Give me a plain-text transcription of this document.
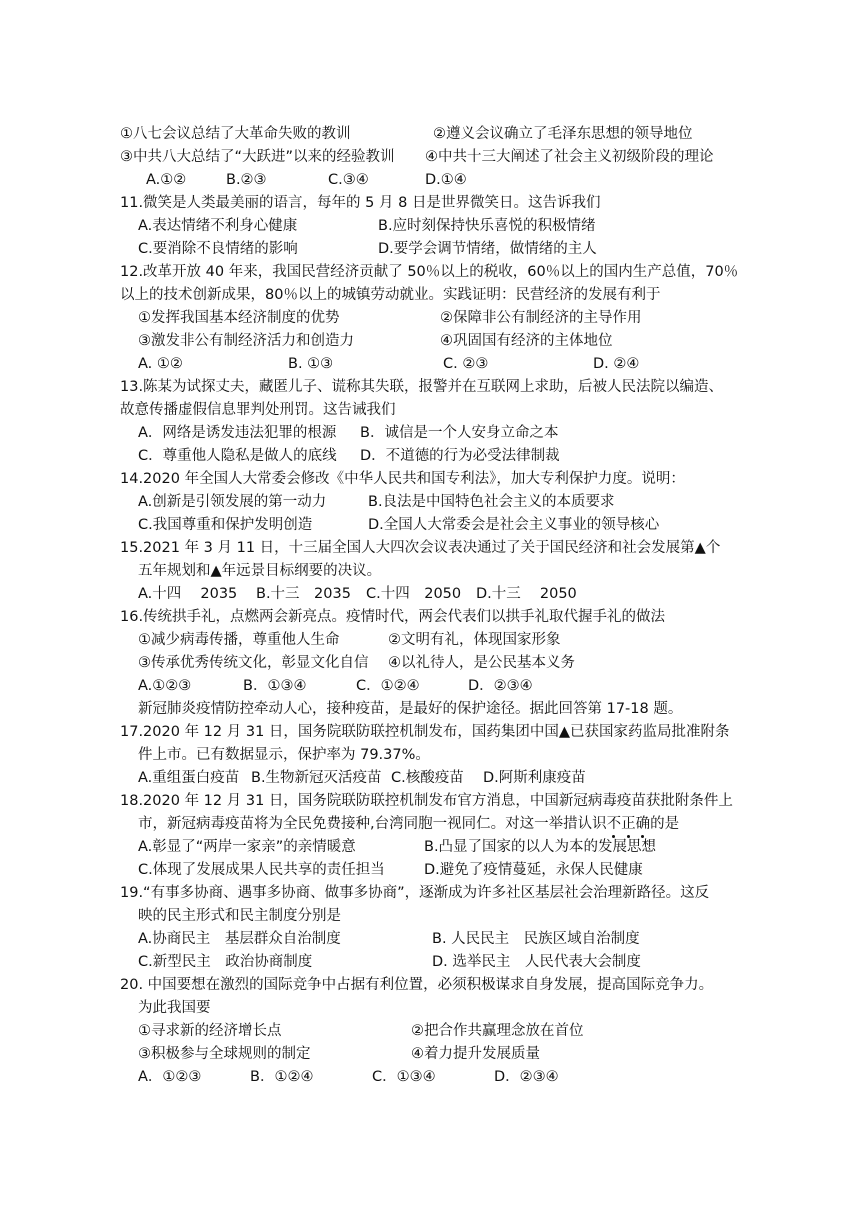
①八七会议总结了大革命失败的教训	②遵义会议确立了毛泽东思想的领导地位
③中共八大总结了“大跃进”以来的经验教训 ④中共十三大阐述了社会主义初级阶段的理论
A.①②	B.②③	C.③④	D.①④
11.微笑是人类最美丽的语言，每年的 5 月 8 日是世界微笑日。这告诉我们
A.表达情绪不利身心健康	B.应时刻保持快乐喜悦的积极情绪
C.要消除不良情绪的影响	D.要学会调节情绪，做情绪的主人
12.改革开放 40 年来，我国民营经济贡献了 50％以上的税收，60％以上的国内生产总值，70％
以上的技术创新成果，80％以上的城镇劳动就业。实践证明：民营经济的发展有利于
①发挥我国基本经济制度的优势	②保障非公有制经济的主导作用
③激发非公有制经济活力和创造力	④巩固国有经济的主体地位
A. ①②	B. ①③	C. ②③	D. ②④
13.陈某为试探丈夫，藏匿儿子、谎称其失联，报警并在互联网上求助，后被人民法院以编造、
故意传播虚假信息罪判处刑罚。这告诫我们
A．网络是诱发违法犯罪的根源 B．诚信是一个人安身立命之本
C．尊重他人隐私是做人的底线 D．不道德的行为必受法律制裁
14.2020 年全国人大常委会修改《中华人民共和国专利法》，加大专利保护力度。说明：
A.创新是引领发展的第一动力	B.良法是中国特色社会主义的本质要求
C.我国尊重和保护发明创造	D.全国人大常委会是社会主义事业的领导核心
15.2021 年 3 月 11 日，十三届全国人大四次会议表决通过了关于国民经济和社会发展第▲个
五年规划和▲年远景目标纲要的决议。
A.十四　 2035 B.十三　2035 C.十四　2050 D.十三　 2050
16.传统拱手礼，点燃两会新亮点。疫情时代，两会代表们以拱手礼取代握手礼的做法
①减少病毒传播，尊重他人生命	②文明有礼，体现国家形象
③传承优秀传统文化，彰显文化自信 ④以礼待人，是公民基本义务
A.①②③	B．①③④	C．①②④	D．②③④
新冠肺炎疫情防控牵动人心，接种疫苗，是最好的保护途径。据此回答第 17-18 题。
17.2020 年 12 月 31 日，国务院联防联控机制发布，国药集团中国▲已获国家药监局批准附条
件上市。已有数据显示，保护率为 79.37%。
A.重组蛋白疫苗 B.生物新冠灭活疫苗 C.核酸疫苗 D.阿斯利康疫苗
18.2020 年 12 月 31 日，国务院联防联控机制发布官方消息，中国新冠病毒疫苗获批附条件上
市，新冠病毒疫苗将为全民免费接种,台湾同胞一视同仁。对这一举措认识不正确的是
A.彰显了“两岸一家亲”的亲情暖意	B.凸显了国家的以人为本的发展思想
C.体现了发展成果人民共享的责任担当	D.避免了疫情蔓延，永保人民健康
19.“有事多协商、遇事多协商、做事多协商”，逐渐成为许多社区基层社会治理新路径。这反
映的民主形式和民主制度分别是
A.协商民主　基层群众自治制度	B. 人民民主　民族区域自治制度
C.新型民主　政治协商制度	D. 选举民主　人民代表大会制度
20. 中国要想在激烈的国际竞争中占据有利位置，必须积极谋求自身发展，提高国际竞争力。
为此我国要
①寻求新的经济增长点	②把合作共赢理念放在首位
③积极参与全球规则的制定	④着力提升发展质量
A．①②③	B．①②④	C．①③④	D．②③④
